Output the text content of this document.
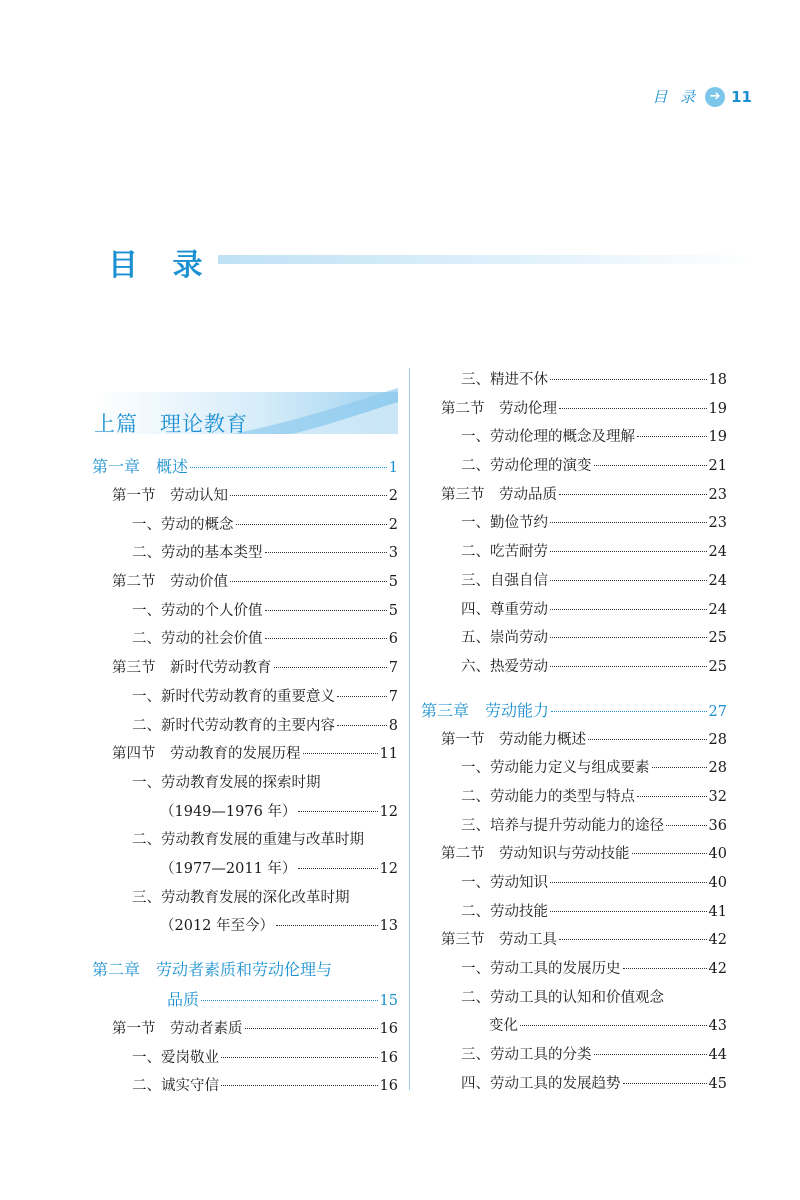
目 录 ➔ 11
目 录
上篇　理论教育
第一章　概述	1
第一节　劳动认知	2
一、劳动的概念	2
二、劳动的基本类型	3
第二节　劳动价值	5
一、劳动的个人价值	5
二、劳动的社会价值	6
第三节　新时代劳动教育	7
一、新时代劳动教育的重要意义	7
二、新时代劳动教育的主要内容	8
第四节　劳动教育的发展历程	11
一、劳动教育发展的探索时期
（1949—1976 年）	12
二、劳动教育发展的重建与改革时期
（1977—2011 年）	12
三、劳动教育发展的深化改革时期
（2012 年至今）	13
第二章　劳动者素质和劳动伦理与
品质	15
第一节　劳动者素质	16
一、爱岗敬业	16
二、诚实守信	16
三、精进不休	18
第二节　劳动伦理	19
一、劳动伦理的概念及理解	19
二、劳动伦理的演变	21
第三节　劳动品质	23
一、勤俭节约	23
二、吃苦耐劳	24
三、自强自信	24
四、尊重劳动	24
五、崇尚劳动	25
六、热爱劳动	25
第三章　劳动能力	27
第一节　劳动能力概述	28
一、劳动能力定义与组成要素	28
二、劳动能力的类型与特点	32
三、培养与提升劳动能力的途径	36
第二节　劳动知识与劳动技能	40
一、劳动知识	40
二、劳动技能	41
第三节　劳动工具	42
一、劳动工具的发展历史	42
二、劳动工具的认知和价值观念
变化	43
三、劳动工具的分类	44
四、劳动工具的发展趋势	45
